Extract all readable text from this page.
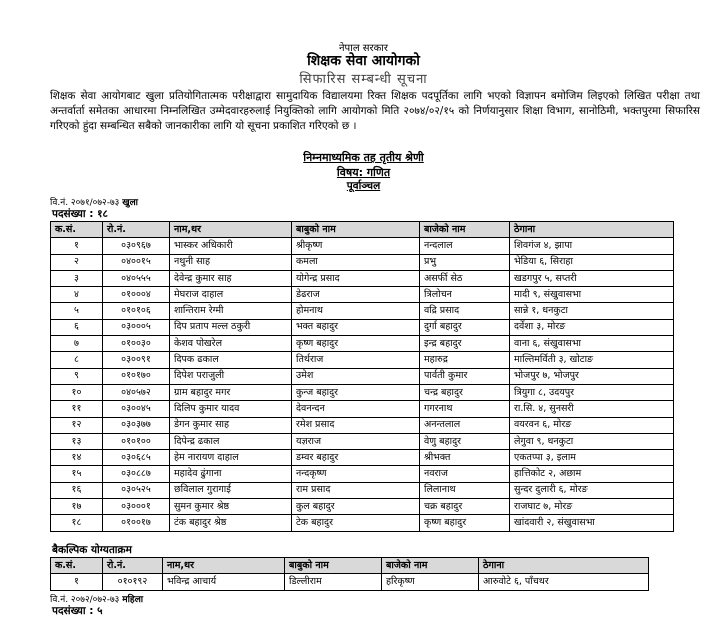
नेपाल सरकार
शिक्षक सेवा आयोगको
सिफारिस सम्बन्धी सूचना
शिक्षक सेवा आयोगबाट खुला प्रतियोगितात्मक परीक्षाद्वारा सामुदायिक विद्यालयमा रिक्त शिक्षक पदपूर्तिका लागि भएको विज्ञापन बमोजिम लिइएको लिखित परीक्षा तथा अन्तर्वार्ता समेतका आधारमा निम्नलिखित उम्मेदवारहरुलाई नियुक्तिको लागि आयोगको मिति २०७४/०२/१५ को निर्णयानुसार शिक्षा विभाग, सानोठिमी, भक्तपुरमा सिफारिस गरिएको हुंदा सम्बन्धित सबैको जानकारीका लागि यो सूचना प्रकाशित गरिएको छ ।
निम्नमाध्यमिक तह तृतीय श्रेणी
विषय: गणित
पूर्वाञ्चल
वि.नं. २०७१/०७२-७३ खुला
पदसंख्या : १८
क.सं.	रो.नं.	नाम,थर	बाबुको नाम	बाजेको नाम	ठेगाना
१	०३०९६७	भास्कर अधिकारी	श्रीकृष्ण	नन्दलाल	शिवगंज ४, झापा
२	०४००१५	नथुनी साह	कमला	प्रभु	भेडिया ६, सिराहा
३	०४०५५५	देवेन्द्र कुमार साह	योगेन्द्र प्रसाद	असर्फी सेठ	खडगपुर ५, सप्तरी
४	०१०००४	मेघराज दाहाल	डेढराज	त्रिलोचन	मादी ९, संखुवासभा
५	०१०१०६	शान्तिराम रेग्मी	होमनाथ	वद्रि प्रसाद	सान्ने १, धनकुटा
६	०३०००५	दिप प्रताप मल्ल ठकुरी	भक्त बहादुर	दुर्गा बहादुर	दर्वेशा ३, मोरङ
७	०१००३०	केशव पोखरेल	कृष्ण बहादुर	इन्द्र बहादुर	वाना ६, संखुवासभा
८	०३००९१	दिपक ढकाल	तिर्थराज	महारुद्र	माल्तिमर्विती ३, खोटाङ
९	०१०१७०	दिपेश पराजुली	उमेश	पार्वती कुमार	भोजपुर ७, भोजपुर
१०	०४०५७२	ग्राम बहादुर मगर	कुन्ज बहादुर	चन्द्र बहादुर	त्रियुगा ८, उदयपुर
११	०३००४५	दिलिप कुमार यादव	देवनन्दन	गगरनाथ	रा.सि. ४, सुनसरी
१२	०३०३७७	डेगन कुमार साह	रमेश प्रसाद	अनन्तलाल	वयरवन ६, मोरङ
१३	०१०१००	दिपेन्द्र ढकाल	यज्ञराज	वेणु बहादुर	लेगुवा ९, धनकुटा
१४	०३०६८५	हेम नारायण दाहाल	डम्वर बहादुर	श्रीभक्त	एकतप्पा ३, इलाम
१५	०३०८८७	महादेव ढुंगाना	नन्दकृष्ण	नवराज	हात्तिकोट २, अछाम
१६	०३०५२५	छविलाल गुरागाई	राम प्रसाद	लिलानाथ	सुन्दर दुलारी ६, मोरङ
१७	०३०००१	सुमन कुमार श्रेष्ठ	कुल बहादुर	चक्र बहादुर	राजघाट ७, मोरङ
१८	०१००१७	टंक बहादुर श्रेष्ठ	टेक बहादुर	कृष्ण बहादुर	खांदवारी २, संखुवासभा
बैकल्पिक योग्यताक्रम
क.सं.	रो.नं.	नाम,थर	बाबुको नाम	बाजेको नाम	ठेगाना
१	०१०१९२	भविन्द्र आचार्य	डिल्लीराम	हरिकृष्ण	आरुवोटे ६, पाँचथर
वि.नं. २०७२/०७२-७३ महिला
पदसंख्या : ५
